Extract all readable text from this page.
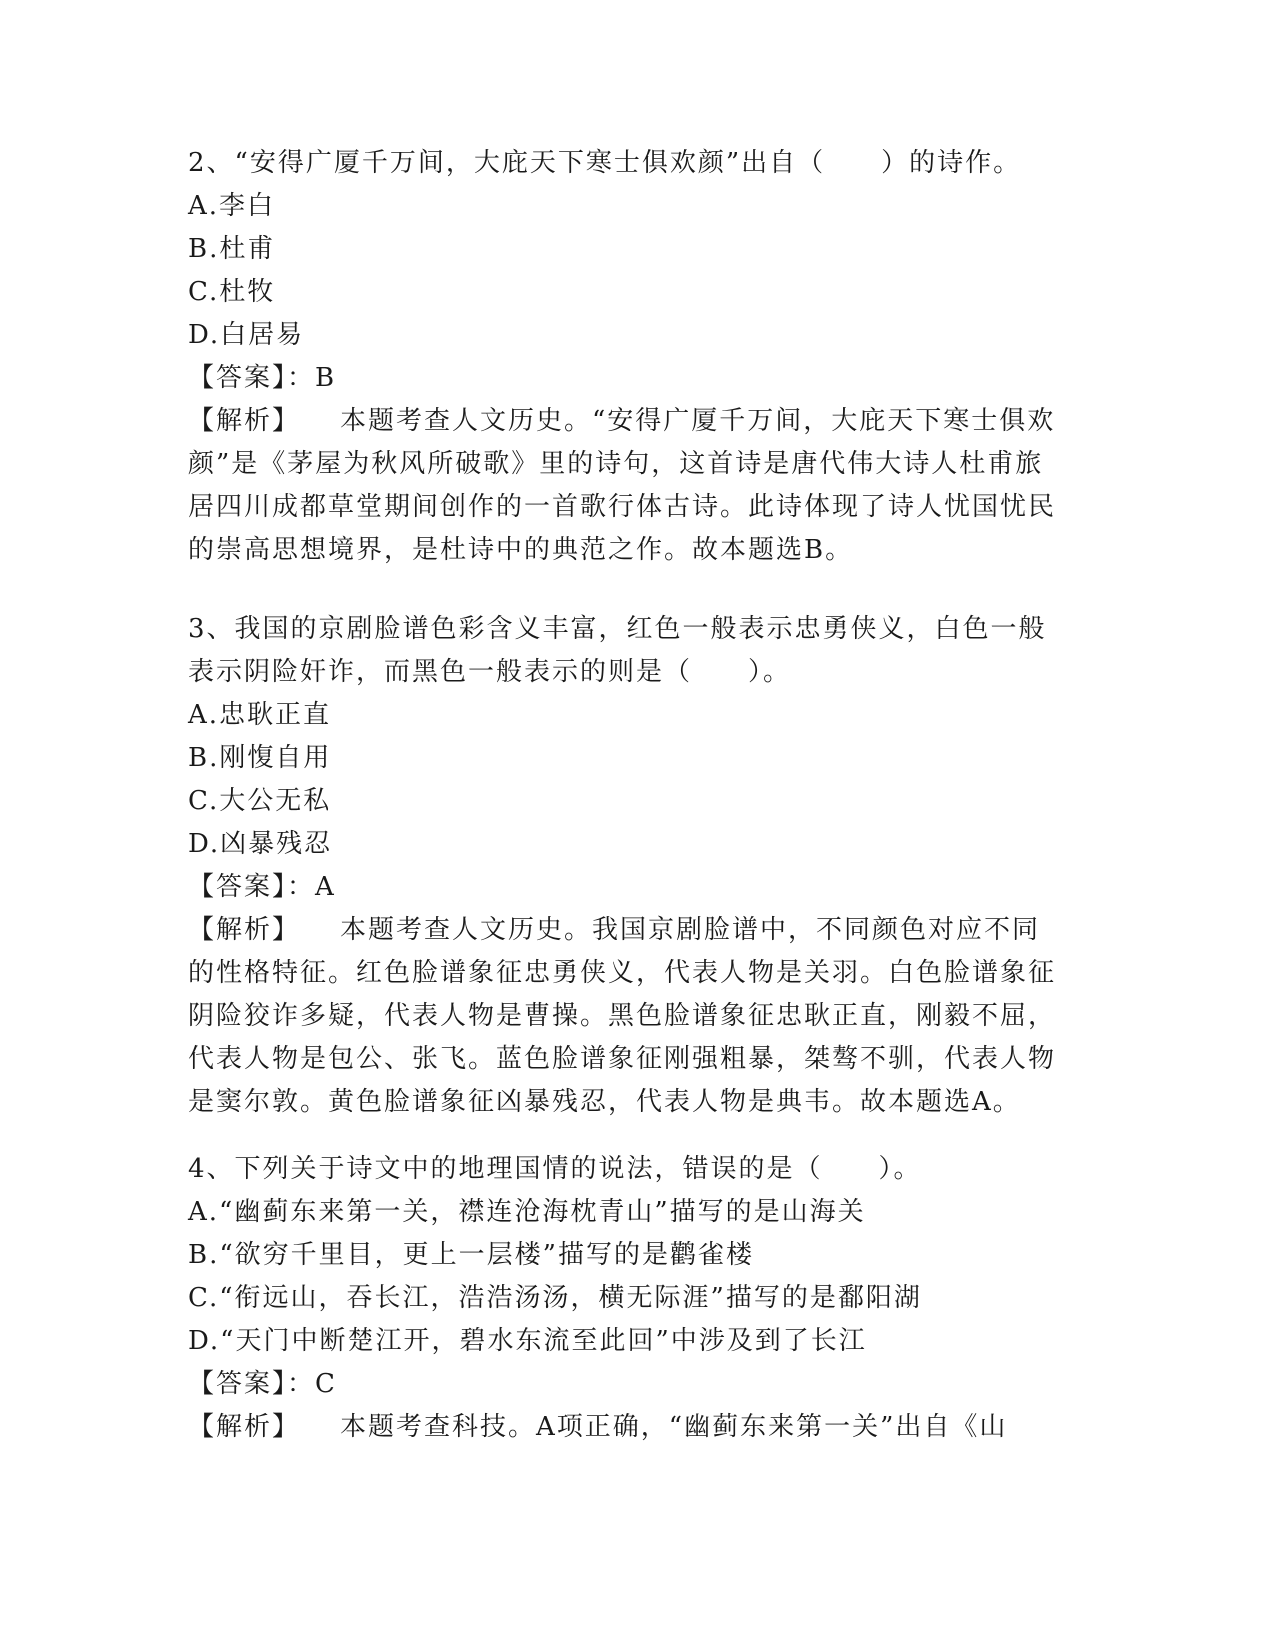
2、“安得广厦千万间，大庇天下寒士俱欢颜”出自（　　）的诗作。
A.李白
B.杜甫
C.杜牧
D.白居易
【答案】：B
【解析】 本题考查人文历史。“安得广厦千万间，大庇天下寒士俱欢颜”是《茅屋为秋风所破歌》里的诗句，这首诗是唐代伟大诗人杜甫旅居四川成都草堂期间创作的一首歌行体古诗。此诗体现了诗人忧国忧民的崇高思想境界，是杜诗中的典范之作。故本题选B。
3、我国的京剧脸谱色彩含义丰富，红色一般表示忠勇侠义，白色一般表示阴险奸诈，而黑色一般表示的则是（　　）。
A.忠耿正直
B.刚愎自用
C.大公无私
D.凶暴残忍
【答案】：A
【解析】 本题考查人文历史。我国京剧脸谱中，不同颜色对应不同的性格特征。红色脸谱象征忠勇侠义，代表人物是关羽。白色脸谱象征阴险狡诈多疑，代表人物是曹操。黑色脸谱象征忠耿正直，刚毅不屈，代表人物是包公、张飞。蓝色脸谱象征刚强粗暴，桀骜不驯，代表人物是窦尔敦。黄色脸谱象征凶暴残忍，代表人物是典韦。故本题选A。
4、下列关于诗文中的地理国情的说法，错误的是（　　）。
A.“幽蓟东来第一关，襟连沧海枕青山”描写的是山海关
B.“欲穷千里目，更上一层楼”描写的是鹳雀楼
C.“衔远山，吞长江，浩浩汤汤，横无际涯”描写的是鄱阳湖
D.“天门中断楚江开，碧水东流至此回”中涉及到了长江
【答案】：C
【解析】 本题考查科技。A项正确，“幽蓟东来第一关”出自《山
